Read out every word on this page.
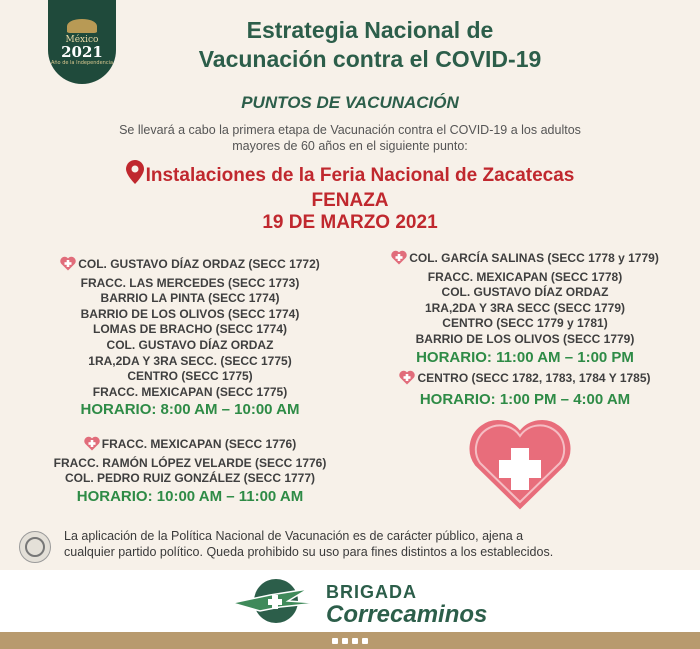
México
2021
Año de la Independencia
Estrategia Nacional de
Vacunación contra el COVID-19
PUNTOS DE VACUNACIÓN
Se llevará a cabo la primera etapa de Vacunación contra el COVID-19 a los adultos
mayores de 60 años en el siguiente punto:
Instalaciones de la Feria Nacional de Zacatecas
FENAZA
19 DE MARZO 2021
COL. GUSTAVO DÍAZ ORDAZ (SECC 1772)
FRACC. LAS MERCEDES (SECC 1773)
BARRIO LA PINTA (SECC 1774)
BARRIO DE LOS OLIVOS (SECC 1774)
LOMAS DE BRACHO (SECC 1774)
COL. GUSTAVO DÍAZ ORDAZ
1RA,2DA Y 3RA SECC. (SECC 1775)
CENTRO (SECC 1775)
FRACC. MEXICAPAN (SECC 1775)
HORARIO: 8:00 AM – 10:00 AM
FRACC. MEXICAPAN (SECC 1776)
FRACC. RAMÓN LÓPEZ VELARDE (SECC 1776)
COL. PEDRO RUIZ GONZÁLEZ (SECC 1777)
HORARIO: 10:00 AM – 11:00 AM
COL. GARCÍA SALINAS (SECC 1778 y 1779)
FRACC. MEXICAPAN (SECC 1778)
COL. GUSTAVO DÍAZ ORDAZ
1RA,2DA Y 3RA SECC (SECC 1779)
CENTRO (SECC 1779 y 1781)
BARRIO DE LOS OLIVOS (SECC 1779)
HORARIO: 11:00 AM – 1:00 PM
CENTRO (SECC 1782, 1783, 1784 Y 1785)
HORARIO: 1:00 PM – 4:00 AM
La aplicación de la Política Nacional de Vacunación es de carácter público, ajena a
cualquier partido político. Queda prohibido su uso para fines distintos a los establecidos.
BRIGADA
Correcaminos
